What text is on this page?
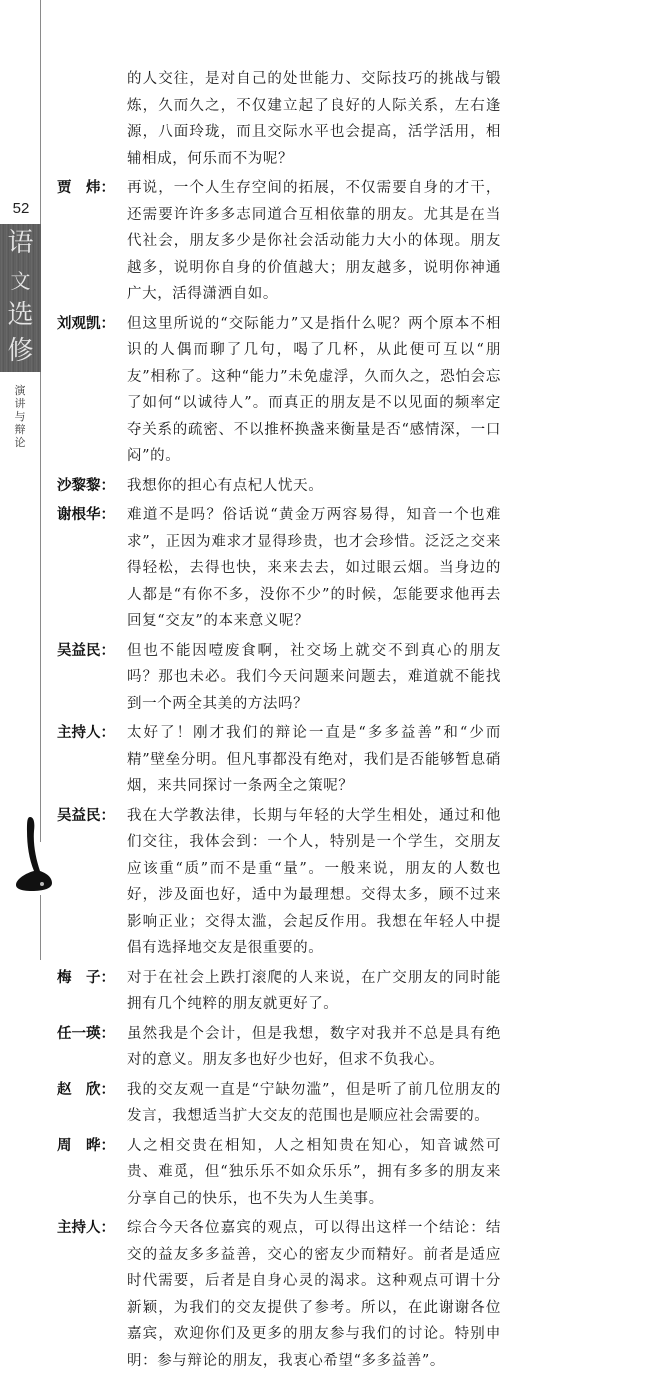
52
语
文
选
修
演
讲
与
辩
论
的人交往，是对自己的处世能力、交际技巧的挑战与锻炼，久而久之，不仅建立起了良好的人际关系，左右逢源，八面玲珑，而且交际水平也会提高，活学活用，相辅相成，何乐而不为呢？
贾　炜： 再说，一个人生存空间的拓展，不仅需要自身的才干，还需要许许多多志同道合互相依靠的朋友。尤其是在当代社会，朋友多少是你社会活动能力大小的体现。朋友越多，说明你自身的价值越大；朋友越多，说明你神通广大，活得潇洒自如。
刘观凯： 但这里所说的“交际能力”又是指什么呢？两个原本不相识的人偶而聊了几句，喝了几杯，从此便可互以“朋友”相称了。这种“能力”未免虚浮，久而久之，恐怕会忘了如何“以诚待人”。而真正的朋友是不以见面的频率定夺关系的疏密、不以推杯换盏来衡量是否“感情深，一口闷”的。
沙黎黎： 我想你的担心有点杞人忧天。
谢根华： 难道不是吗？俗话说“黄金万两容易得，知音一个也难求”，正因为难求才显得珍贵，也才会珍惜。泛泛之交来得轻松，去得也快，来来去去，如过眼云烟。当身边的人都是“有你不多，没你不少”的时候，怎能要求他再去回复“交友”的本来意义呢？
吴益民： 但也不能因噎废食啊，社交场上就交不到真心的朋友吗？那也未必。我们今天问题来问题去，难道就不能找到一个两全其美的方法吗？
主持人： 太好了！刚才我们的辩论一直是“多多益善”和“少而精”壁垒分明。但凡事都没有绝对，我们是否能够暂息硝烟，来共同探讨一条两全之策呢？
吴益民： 我在大学教法律，长期与年轻的大学生相处，通过和他们交往，我体会到：一个人，特别是一个学生，交朋友应该重“质”而不是重“量”。一般来说，朋友的人数也好，涉及面也好，适中为最理想。交得太多，顾不过来影响正业；交得太滥，会起反作用。我想在年轻人中提倡有选择地交友是很重要的。
梅　子： 对于在社会上跌打滚爬的人来说，在广交朋友的同时能拥有几个纯粹的朋友就更好了。
任一瑛： 虽然我是个会计，但是我想，数字对我并不总是具有绝对的意义。朋友多也好少也好，但求不负我心。
赵　欣： 我的交友观一直是“宁缺勿滥”，但是听了前几位朋友的发言，我想适当扩大交友的范围也是顺应社会需要的。
周　晔： 人之相交贵在相知，人之相知贵在知心，知音诚然可贵、难觅，但“独乐乐不如众乐乐”，拥有多多的朋友来分享自己的快乐，也不失为人生美事。
主持人： 综合今天各位嘉宾的观点，可以得出这样一个结论：结交的益友多多益善，交心的密友少而精好。前者是适应时代需要，后者是自身心灵的渴求。这种观点可谓十分新颖，为我们的交友提供了参考。所以，在此谢谢各位嘉宾，欢迎你们及更多的朋友参与我们的讨论。特别申明：参与辩论的朋友，我衷心希望“多多益善”。
